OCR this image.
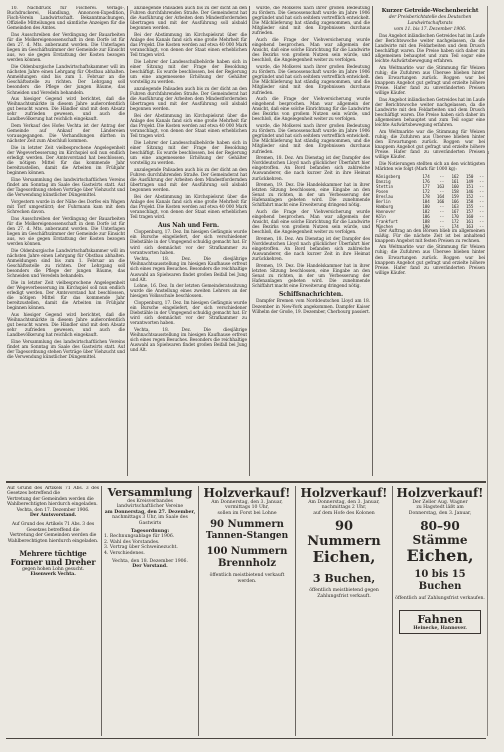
10. Nachdruck für Fischerei. Verlags-, Buchdruckerei, Handlung, Annoncen-Expedition, Fisch-Verein Landwirtschaft. Bekanntmachungen, Offizielle Mitteilungen und sämtliche Anzeigen für die Gemeinden des Amtes.

Das Ausschreiben der Verdingung der Bauarbeiten für die Molkereigenossenschaft in dem Dorfe ist für den 27. d. Mts. anberaumt worden. Die Unterlagen liegen im Geschäftszimmer der Gemeinde zur Einsicht aus, wo sie gegen Erstattung der Kosten bezogen werden können.

Die Oldenburgische Landwirtschaftskammer will im nächsten Jahre einen Lehrgang für Obstbau abhalten. Anmeldungen sind bis zum 1. Februar an die Geschäftsstelle zu richten. Der Lehrgang soll besonders die Pflege der jungen Bäume, das Schneiden und Veredeln behandeln.

Aus hiesiger Gegend wird berichtet, daß die Weihnachtsmärkte in diesem Jahre außerordentlich gut besucht waren. Die Händler sind mit dem Absatz sehr zufrieden gewesen, und auch die Landbevölkerung hat reichlich eingekauft.

Dem Verkauf des Hofes Vechta ist der Antrag der Gemeinde auf Ankauf der Ländereien vorausgegangen. Die Verhandlungen dürften in nächster Zeit zum Abschluß kommen.

Die in letzter Zeit vielbesprochene Angelegenheit der Wegeverbesserung im Kirchspiel soll nun endlich erledigt werden. Der Amtsvorstand hat beschlossen, die nötigen Mittel für das kommende Jahr bereitzustellen, damit die Arbeiten im Frühjahr beginnen können.

Eine Versammlung des landwirtschaftlichen Vereins findet am Sonntag im Saale des Gastwirts statt. Auf der Tagesordnung stehen Vorträge über Viehzucht und die Verwendung künstlicher Düngemittel.

Vorgestern wurde in der Nähe des Dorfes ein Wagen mit Torf umgestürzt; der Fuhrmann kam mit dem Schrecken davon.

Das Ausschreiben der Verdingung der Bauarbeiten für die Molkereigenossenschaft in dem Dorfe ist für den 27. d. Mts. anberaumt worden. Die Unterlagen liegen im Geschäftszimmer der Gemeinde zur Einsicht aus, wo sie gegen Erstattung der Kosten bezogen werden können.

Die Oldenburgische Landwirtschaftskammer will im nächsten Jahre einen Lehrgang für Obstbau abhalten. Anmeldungen sind bis zum 1. Februar an die Geschäftsstelle zu richten. Der Lehrgang soll besonders die Pflege der jungen Bäume, das Schneiden und Veredeln behandeln.

Die in letzter Zeit vielbesprochene Angelegenheit der Wegeverbesserung im Kirchspiel soll nun endlich erledigt werden. Der Amtsvorstand hat beschlossen, die nötigen Mittel für das kommende Jahr bereitzustellen, damit die Arbeiten im Frühjahr beginnen können.

Aus hiesiger Gegend wird berichtet, daß die Weihnachtsmärkte in diesem Jahre außerordentlich gut besucht waren. Die Händler sind mit dem Absatz sehr zufrieden gewesen, und auch die Landbevölkerung hat reichlich eingekauft.

Eine Versammlung des landwirtschaftlichen Vereins findet am Sonntag im Saale des Gastwirts statt. Auf der Tagesordnung stehen Vorträge über Viehzucht und die Verwendung künstlicher Düngemittel.

anzulegende Palisaden auch bis zu der dicht an den Fuhren durchfahrenden Straße. Der Gemeinderat hat die Ausführung der Arbeiten dem Mindestfordernden übertragen und mit der Ausführung soll alsbald begonnen werden.

Bei der Abstimmung im Kirchspielsrat über die Anlage des Kanals fand sich eine große Mehrheit für das Projekt. Die Kosten werden auf etwa 40 000 Mark veranschlagt, von denen der Staat einen erheblichen Teil tragen wird.

Die Lehrer der Landesschulbehörde haben sich in einer Sitzung mit der Frage der Besoldung beschäftigt. Es wurde beschlossen, bei der Regierung um eine angemessene Erhöhung der Gehälter vorstellig zu werden.

anzulegende Palisaden auch bis zu der dicht an den Fuhren durchfahrenden Straße. Der Gemeinderat hat die Ausführung der Arbeiten dem Mindestfordernden übertragen und mit der Ausführung soll alsbald begonnen werden.

Bei der Abstimmung im Kirchspielsrat über die Anlage des Kanals fand sich eine große Mehrheit für das Projekt. Die Kosten werden auf etwa 40 000 Mark veranschlagt, von denen der Staat einen erheblichen Teil tragen wird.

Die Lehrer der Landesschulbehörde haben sich in einer Sitzung mit der Frage der Besoldung beschäftigt. Es wurde beschlossen, bei der Regierung um eine angemessene Erhöhung der Gehälter vorstellig zu werden.

anzulegende Palisaden auch bis zu der dicht an den Fuhren durchfahrenden Straße. Der Gemeinderat hat die Ausführung der Arbeiten dem Mindestfordernden übertragen und mit der Ausführung soll alsbald begonnen werden.

Bei der Abstimmung im Kirchspielsrat über die Anlage des Kanals fand sich eine große Mehrheit für das Projekt. Die Kosten werden auf etwa 40 000 Mark veranschlagt, von denen der Staat einen erheblichen Teil tragen wird.

Aus Nah und Fern.

Cloppenburg, 17. Dez. Im hiesigen Gefängnis wurde ein Bursche eingeliefert, der sich verschiedener Diebstähle in der Umgegend schuldig gemacht hat. Er wird sich demnächst vor der Strafkammer zu verantworten haben.

Vechta, 18. Dez. Die diesjährige Weihnachtsausstellung im hiesigen Kaufhause erfreut sich eines regen Besuches. Besonders die reichhaltige Auswahl an Spielwaren findet großen Beifall bei Jung und Alt.

Lohne, 16. Dez. In der letzten Gemeinderatssitzung wurde die Anstellung eines zweiten Lehrers an der hiesigen Volksschule beschlossen.

Cloppenburg, 17. Dez. Im hiesigen Gefängnis wurde ein Bursche eingeliefert, der sich verschiedener Diebstähle in der Umgegend schuldig gemacht hat. Er wird sich demnächst vor der Strafkammer zu verantworten haben.

Vechta, 18. Dez. Die diesjährige Weihnachtsausstellung im hiesigen Kaufhause erfreut sich eines regen Besuches. Besonders die reichhaltige Auswahl an Spielwaren findet großen Beifall bei Jung und Alt.

wurde, die Molkerei nach ihrer großen Bedeutung zu fördern. Die Genossenschaft wurde im Jahre 1906 gegründet und hat sich seitdem vortrefflich entwickelt. Die Milchlieferung hat ständig zugenommen, und die Mitglieder sind mit den Ergebnissen durchaus zufrieden.

Auch die Frage der Viehversicherung wurde eingehend besprochen. Man war allgemein der Ansicht, daß eine solche Einrichtung für die Landwirte des Bezirks von großem Nutzen sein würde, und beschloß, die Angelegenheit weiter zu verfolgen.

wurde, die Molkerei nach ihrer großen Bedeutung zu fördern. Die Genossenschaft wurde im Jahre 1906 gegründet und hat sich seitdem vortrefflich entwickelt. Die Milchlieferung hat ständig zugenommen, und die Mitglieder sind mit den Ergebnissen durchaus zufrieden.

Auch die Frage der Viehversicherung wurde eingehend besprochen. Man war allgemein der Ansicht, daß eine solche Einrichtung für die Landwirte des Bezirks von großem Nutzen sein würde, und beschloß, die Angelegenheit weiter zu verfolgen.

wurde, die Molkerei nach ihrer großen Bedeutung zu fördern. Die Genossenschaft wurde im Jahre 1906 gegründet und hat sich seitdem vortrefflich entwickelt. Die Milchlieferung hat ständig zugenommen, und die Mitglieder sind mit den Ergebnissen durchaus zufrieden.

Bremen, 18. Dez. Am Dienstag ist der Dampfer des Norddeutschen Lloyd nach glücklicher Überfahrt hier eingetroffen. An Bord befanden sich zahlreiche Auswanderer, die nach kurzer Zeit in ihre Heimat zurückkehren.

Bremen, 19. Dez. Die Handelskammer hat in ihrer letzten Sitzung beschlossen, eine Eingabe an den Senat zu richten, in der um Verbesserung der Hafenanlagen gebeten wird. Die zunehmende Schiffahrt macht eine Erweiterung dringend nötig.

Auch die Frage der Viehversicherung wurde eingehend besprochen. Man war allgemein der Ansicht, daß eine solche Einrichtung für die Landwirte des Bezirks von großem Nutzen sein würde, und beschloß, die Angelegenheit weiter zu verfolgen.

Bremen, 18. Dez. Am Dienstag ist der Dampfer des Norddeutschen Lloyd nach glücklicher Überfahrt hier eingetroffen. An Bord befanden sich zahlreiche Auswanderer, die nach kurzer Zeit in ihre Heimat zurückkehren.

Bremen, 19. Dez. Die Handelskammer hat in ihrer letzten Sitzung beschlossen, eine Eingabe an den Senat zu richten, in der um Verbesserung der Hafenanlagen gebeten wird. Die zunehmende Schiffahrt macht eine Erweiterung dringend nötig.

Schiffsnachrichten.

Dampfer Bremen vom Norddeutschen Lloyd am 18. Dezember in New-York angekommen. Dampfer Kaiser Wilhelm der Große, 19. Dezember, Cherbourg passiert.

Kurzer Getreide-Wochenbericht
der Preisberichtstelle des Deutschen Landwirtschaftsrats
vom 11. bis 17. Dezember 1906.

Das Angebot inländischen Getreides hat im Laufe der Berichtswoche weiter nachgelassen, da die Landwirte mit den Feldarbeiten und dem Drusch beschäftigt waren. Die Preise haben sich daher im allgemeinen behauptet und zum Teil sogar eine leichte Aufwärtsbewegung erfahren.

Am Weltmarkte war die Stimmung für Weizen ruhig; die Zufuhren aus Übersee blieben hinter den Erwartungen zurück. Roggen war bei knappem Angebot gut gefragt und erzielte höhere Preise. Hafer fand zu unveränderten Preisen willige Käufer.

Das Angebot inländischen Getreides hat im Laufe der Berichtswoche weiter nachgelassen, da die Landwirte mit den Feldarbeiten und dem Drusch beschäftigt waren. Die Preise haben sich daher im allgemeinen behauptet und zum Teil sogar eine leichte Aufwärtsbewegung erfahren.

Am Weltmarkte war die Stimmung für Weizen ruhig; die Zufuhren aus Übersee blieben hinter den Erwartungen zurück. Roggen war bei knappem Angebot gut gefragt und erzielte höhere Preise. Hafer fand zu unveränderten Preisen willige Käufer.

Die Notierungen stellten sich an den wichtigsten Märkten wie folgt (Mark für 1000 kg):

Königsberg	174	--	162	150	--
Danzig	176	--	161	149	--
Stettin	177	163	160	151	--
Posen	172	--	158	146	--
Breslau	178	164	159	152	--
Berlin	184	166	166	158	--
Hamburg	180	--	163	155	--
Hannover	182	--	167	157	--
Köln	186	--	170	160	--
Frankfurt	188	--	172	161	--
München	190	--	174	163	--

Der Auftrag an den Börsen blieb im allgemeinen mäßig. Für die nächste Zeit ist bei anhaltend knappem Angebot mit festen Preisen zu rechnen.

Am Weltmarkte war die Stimmung für Weizen ruhig; die Zufuhren aus Übersee blieben hinter den Erwartungen zurück. Roggen war bei knappem Angebot gut gefragt und erzielte höhere Preise. Hafer fand zu unveränderten Preisen willige Käufer.

1
Auf Grund des Artikels 71 Abs. 3 des Gesetzes betreffend die
Vertretung der Gemeinden werden die
Wahlberechtigten hierdurch eingeladen.
Vechta, den 17. Dezember 1906.
Der Amtsvorstand.
Auf Grund des Artikels 71 Abs. 3 des Gesetzes betreffend die
Vertretung der Gemeinden werden die
Wahlberechtigten hierdurch eingeladen.
Mehrere tüchtige
Former und Dreher
gegen hohen Lohn gesucht.
Eisenwerk Vechta.
Versammlung
des Kreisverbandes landwirtschaftlicher Vereine
am Donnerstag, den 27. Dezember,
nachmittags 3 Uhr, im Saale des Gastwirts
Tagesordnung:
1. Rechnungsablage für 1906.
2. Wahl des Vorstandes.
3. Vortrag über Schweinezucht.
4. Verschiedenes.
Vechta, den 18. Dezember 1906.
Der Vorstand.
Holzverkauf!
Am Donnerstag, den 3. Januar,
vormittags 10 Uhr,
sollen im Forst bei Lohne
90 Nummern
Tannen-Stangen
100 Nummern
Brennholz
öffentlich meistbietend verkauft werden.
Holzverkauf!
Am Donnerstag, den 3. Januar,
nachmittags 2 Uhr,
auf dem Hofe des Kolonen
90 Nummern
Eichen,
3 Buchen,
öffentlich meistbietend gegen Zahlungsfrist verkauft.
Holzverkauf!
Der Zeller Aug. Wagner
zu Hagstedt läßt am
Donnerstag, den 3. Januar,
80–90 Stämme
Eichen,
10 bis 15 Buchen
öffentlich auf Zahlungsfrist verkaufen.
Fahnen
Heinecke, Hannover.
